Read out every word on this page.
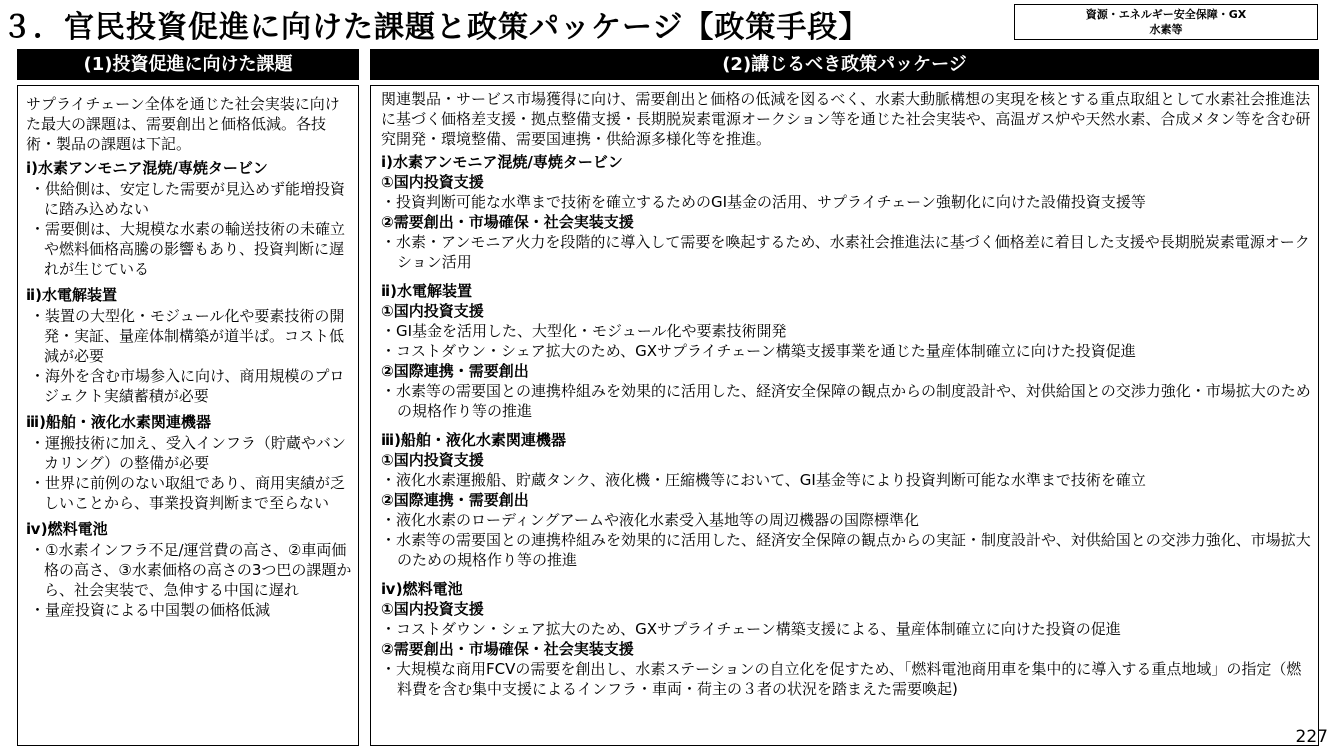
３．官民投資促進に向けた課題と政策パッケージ【政策手段】	資源・エネルギー安全保障・GX
水素等
(1)投資促進に向けた課題	(2)講じるべき政策パッケージ

サプライチェーン全体を通じた社会実装に向けた最大の課題は、需要創出と価格低減。各技術・製品の課題は下記。

ⅰ)水素アンモニア混焼/専焼タービン

・供給側は、安定した需要が見込めず能増投資に踏み込めない

・需要側は、大規模な水素の輸送技術の未確立や燃料価格高騰の影響もあり、投資判断に遅れが生じている

ⅱ)水電解装置

・装置の大型化・モジュール化や要素技術の開発・実証、量産体制構築が道半ば。コスト低減が必要

・海外を含む市場参入に向け、商用規模のプロジェクト実績蓄積が必要

ⅲ)船舶・液化水素関連機器

・運搬技術に加え、受入インフラ（貯蔵やバンカリング）の整備が必要

・世界に前例のない取組であり、商用実績が乏しいことから、事業投資判断まで至らない

ⅳ)燃料電池

・①水素インフラ不足/運営費の高さ、②車両価格の高さ、③水素価格の高さの3つ巴の課題から、社会実装で、急伸する中国に遅れ

・量産投資による中国製の価格低減

関連製品・サービス市場獲得に向け、需要創出と価格の低減を図るべく、水素大動脈構想の実現を核とする重点取組として水素社会推進法に基づく価格差支援・拠点整備支援・長期脱炭素電源オークション等を通じた社会実装や、高温ガス炉や天然水素、合成メタン等を含む研究開発・環境整備、需要国連携・供給源多様化等を推進。

ⅰ)水素アンモニア混焼/専焼タービン

①国内投資支援

・投資判断可能な水準まで技術を確立するためのGI基金の活用、サプライチェーン強靭化に向けた設備投資支援等

②需要創出・市場確保・社会実装支援

・水素・アンモニア火力を段階的に導入して需要を喚起するため、水素社会推進法に基づく価格差に着目した支援や長期脱炭素電源オークション活用

ⅱ)水電解装置

①国内投資支援

・GI基金を活用した、大型化・モジュール化や要素技術開発

・コストダウン・シェア拡大のため、GXサプライチェーン構築支援事業を通じた量産体制確立に向けた投資促進

②国際連携・需要創出

・水素等の需要国との連携枠組みを効果的に活用した、経済安全保障の観点からの制度設計や、対供給国との交渉力強化・市場拡大のための規格作り等の推進

ⅲ)船舶・液化水素関連機器

①国内投資支援

・液化水素運搬船、貯蔵タンク、液化機・圧縮機等において、GI基金等により投資判断可能な水準まで技術を確立

②国際連携・需要創出

・液化水素のローディングアームや液化水素受入基地等の周辺機器の国際標準化

・水素等の需要国との連携枠組みを効果的に活用した、経済安全保障の観点からの実証・制度設計や、対供給国との交渉力強化、市場拡大のための規格作り等の推進

ⅳ)燃料電池

①国内投資支援

・コストダウン・シェア拡大のため、GXサプライチェーン構築支援による、量産体制確立に向けた投資の促進

②需要創出・市場確保・社会実装支援

・大規模な商用FCVの需要を創出し、水素ステーションの自立化を促すため、「燃料電池商用車を集中的に導入する重点地域」の指定（燃料費を含む集中支援によるインフラ・車両・荷主の３者の状況を踏まえた需要喚起)

227
